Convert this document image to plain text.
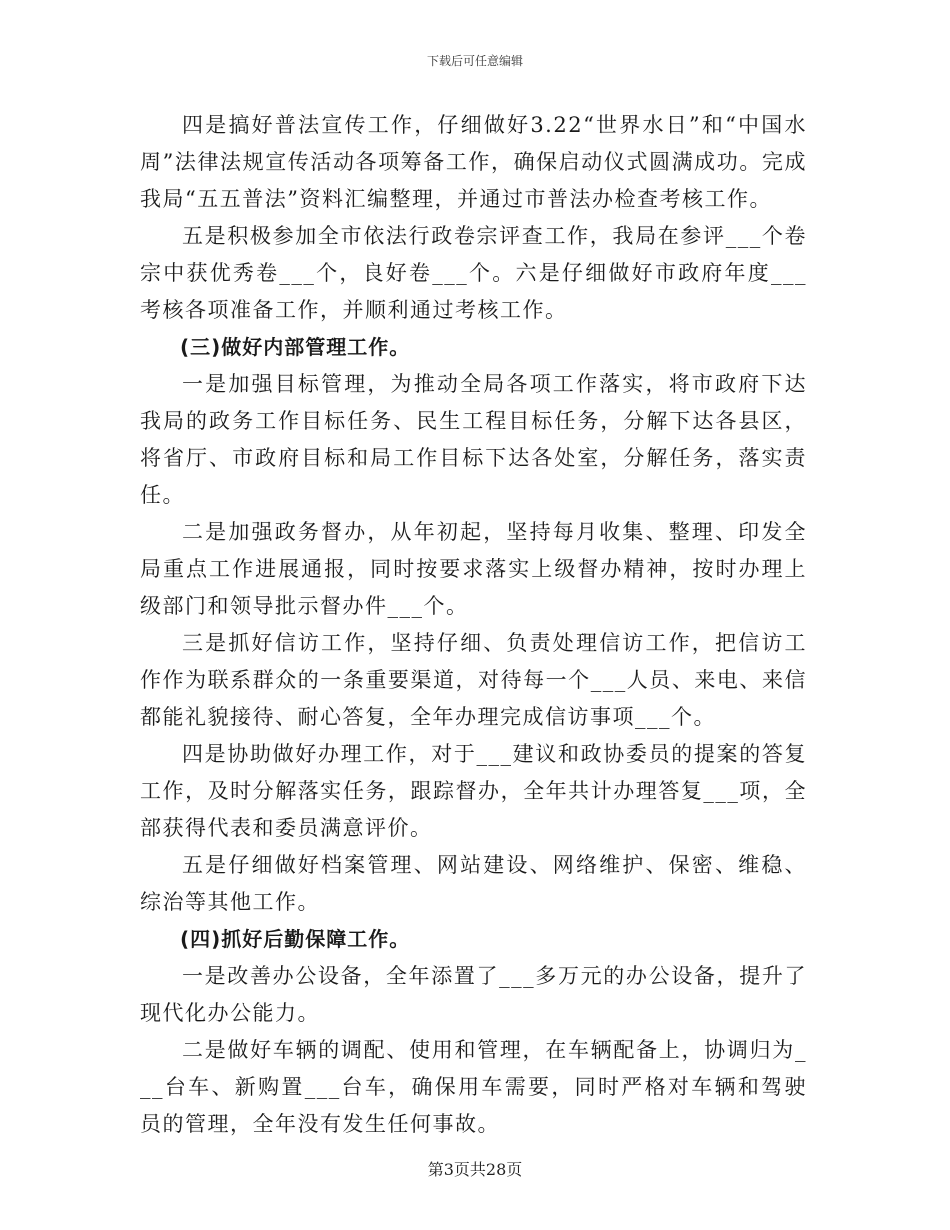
下载后可任意编辑

四是搞好普法宣传工作，仔细做好3.22“世界水日”和“中国水周”法律法规宣传活动各项筹备工作，确保启动仪式圆满成功。完成我局“五五普法”资料汇编整理，并通过市普法办检查考核工作。

五是积极参加全市依法行政卷宗评查工作，我局在参评___个卷宗中获优秀卷___个，良好卷___个。六是仔细做好市政府年度___考核各项准备工作，并顺利通过考核工作。

(三)做好内部管理工作。

一是加强目标管理，为推动全局各项工作落实，将市政府下达我局的政务工作目标任务、民生工程目标任务，分解下达各县区，将省厅、市政府目标和局工作目标下达各处室，分解任务，落实责任。

二是加强政务督办，从年初起，坚持每月收集、整理、印发全局重点工作进展通报，同时按要求落实上级督办精神，按时办理上级部门和领导批示督办件___个。

三是抓好信访工作，坚持仔细、负责处理信访工作，把信访工作作为联系群众的一条重要渠道，对待每一个___人员、来电、来信都能礼貌接待、耐心答复，全年办理完成信访事项___个。

四是协助做好办理工作，对于___建议和政协委员的提案的答复工作，及时分解落实任务，跟踪督办，全年共计办理答复___项，全部获得代表和委员满意评价。

五是仔细做好档案管理、网站建设、网络维护、保密、维稳、综治等其他工作。

(四)抓好后勤保障工作。

一是改善办公设备，全年添置了___多万元的办公设备，提升了现代化办公能力。

二是做好车辆的调配、使用和管理，在车辆配备上，协调归为___台车、新购置___台车，确保用车需要，同时严格对车辆和驾驶员的管理，全年没有发生任何事故。

第3页共28页
